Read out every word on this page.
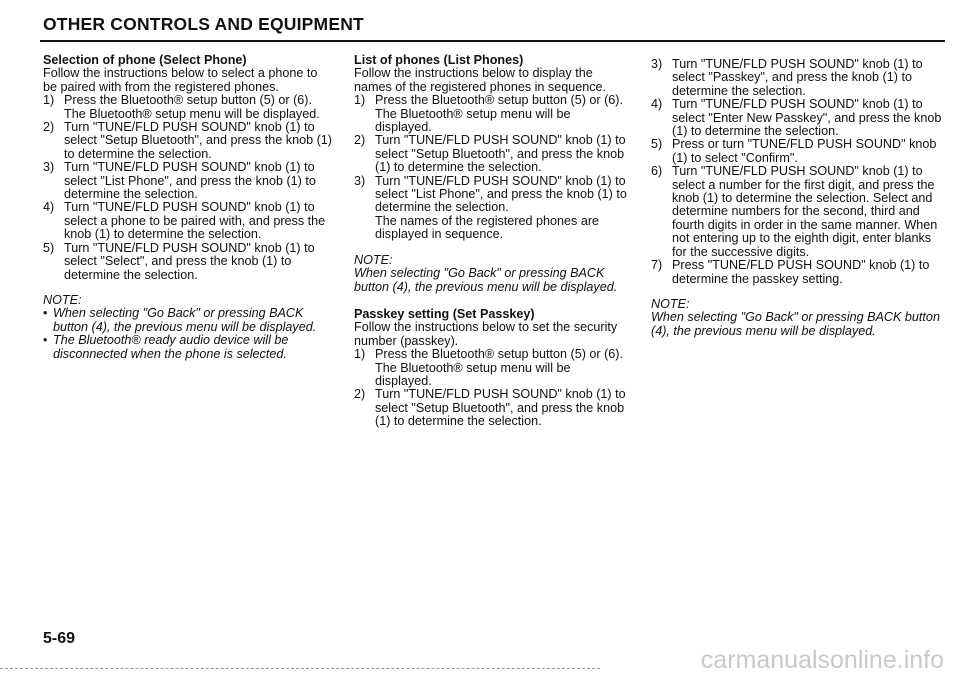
OTHER CONTROLS AND EQUIPMENT
Selection of phone (Select Phone)

Follow the instructions below to select a phone to be paired with from the registered phones.

1) Press the Bluetooth® setup button (5) or (6).
The Bluetooth® setup menu will be displayed.
2) Turn "TUNE/FLD PUSH SOUND" knob (1) to select "Setup Bluetooth", and press the knob (1) to determine the selection.
3) Turn "TUNE/FLD PUSH SOUND" knob (1) to select "List Phone", and press the knob (1) to determine the selection.
4) Turn "TUNE/FLD PUSH SOUND" knob (1) to select a phone to be paired with, and press the knob (1) to determine the selection.
5) Turn "TUNE/FLD PUSH SOUND" knob (1) to select "Select", and press the knob (1) to determine the selection.
NOTE:
• When selecting "Go Back" or pressing BACK button (4), the previous menu will be displayed.
• The Bluetooth® ready audio device will be disconnected when the phone is selected.
List of phones (List Phones)

Follow the instructions below to display the names of the registered phones in sequence.

1) Press the Bluetooth® setup button (5) or (6).
The Bluetooth® setup menu will be displayed.
2) Turn "TUNE/FLD PUSH SOUND" knob (1) to select "Setup Bluetooth", and press the knob (1) to determine the selection.
3) Turn "TUNE/FLD PUSH SOUND" knob (1) to select "List Phone", and press the knob (1) to determine the selection.
The names of the registered phones are displayed in sequence.
NOTE:
When selecting "Go Back" or pressing BACK button (4), the previous menu will be displayed.
Passkey setting (Set Passkey)

Follow the instructions below to set the security number (passkey).

1) Press the Bluetooth® setup button (5) or (6).
The Bluetooth® setup menu will be displayed.
2) Turn "TUNE/FLD PUSH SOUND" knob (1) to select "Setup Bluetooth", and press the knob (1) to determine the selection.
3) Turn "TUNE/FLD PUSH SOUND" knob (1) to select "Passkey", and press the knob (1) to determine the selection.
4) Turn "TUNE/FLD PUSH SOUND" knob (1) to select "Enter New Passkey", and press the knob (1) to determine the selection.
5) Press or turn "TUNE/FLD PUSH SOUND" knob (1) to select "Confirm".
6) Turn "TUNE/FLD PUSH SOUND" knob (1) to select a number for the first digit, and press the knob (1) to determine the selection. Select and determine numbers for the second, third and fourth digits in order in the same manner. When not entering up to the eighth digit, enter blanks for the successive digits.
7) Press "TUNE/FLD PUSH SOUND" knob (1) to determine the passkey setting.
NOTE:
When selecting "Go Back" or pressing BACK button (4), the previous menu will be displayed.
5-69
carmanualsonline.info
